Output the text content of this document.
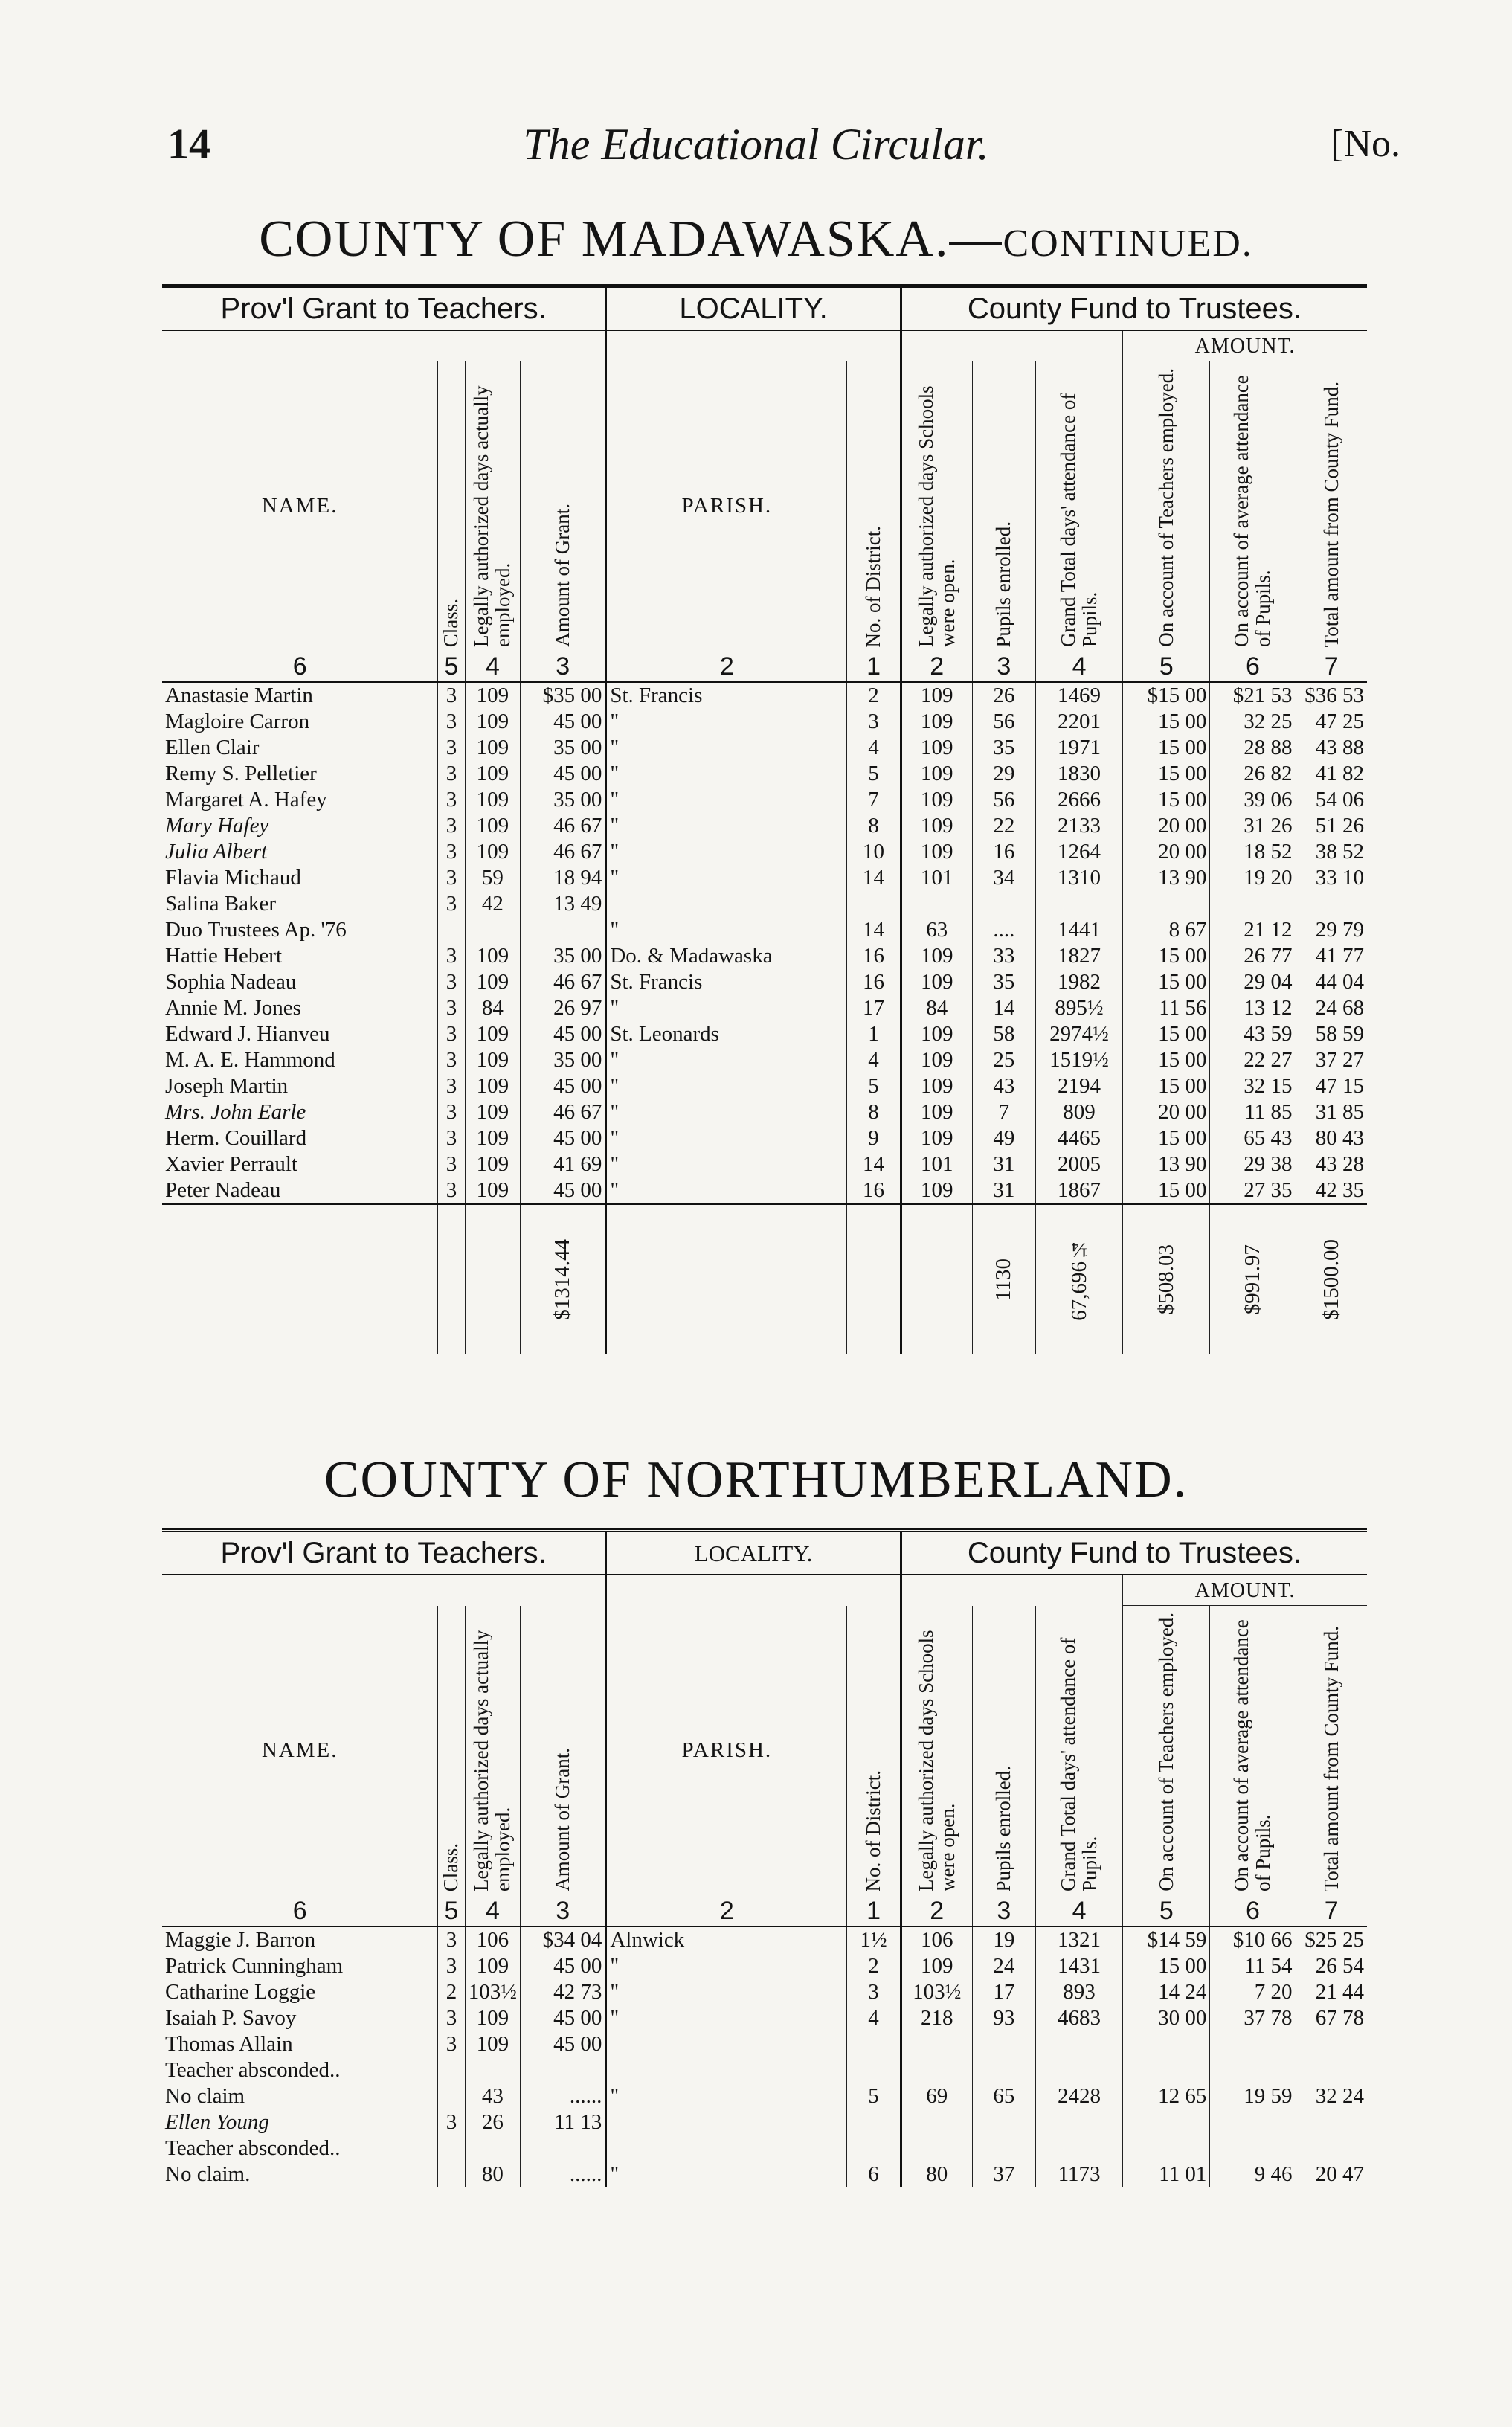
14	The Educational Circular.	[No.
COUNTY OF MADAWASKA.—CONTINUED.
Prov'l Grant to Teachers.				LOCALITY.		County Fund to Trustees.					
									AMOUNT.		
NAME.	Class.	Legally authorized days actually employed.	Amount of Grant.	PARISH.	No. of District.	Legally authorized days Schools were open.	Pupils enrolled.	Grand Total days' attendance of Pupils.	On account of Teachers employed.	On account of average attendance of Pupils.	Total amount from County Fund.

6	5	4	3	2	1	2	3	4	5	6	7
Anastasie Martin	3	109	$35 00	St. Francis	2	109	26	1469	$15 00	$21 53	$36 53
Magloire Carron	3	109	45 00	"	3	109	56	2201	15 00	32 25	47 25
Ellen Clair	3	109	35 00	"	4	109	35	1971	15 00	28 88	43 88
Remy S. Pelletier	3	109	45 00	"	5	109	29	1830	15 00	26 82	41 82
Margaret A. Hafey	3	109	35 00	"	7	109	56	2666	15 00	39 06	54 06
Mary Hafey	3	109	46 67	"	8	109	22	2133	20 00	31 26	51 26
Julia Albert	3	109	46 67	"	10	109	16	1264	20 00	18 52	38 52
Flavia Michaud	3	59	18 94	"	14	101	34	1310	13 90	19 20	33 10
Salina Baker	3	42	13 49								
Duo Trustees Ap. '76				"	14	63	....	1441	8 67	21 12	29 79
Hattie Hebert	3	109	35 00	Do. & Madawaska	16	109	33	1827	15 00	26 77	41 77
Sophia Nadeau	3	109	46 67	St. Francis	16	109	35	1982	15 00	29 04	44 04
Annie M. Jones	3	84	26 97	"	17	84	14	895½	11 56	13 12	24 68
Edward J. Hianveu	3	109	45 00	St. Leonards	1	109	58	2974½	15 00	43 59	58 59
M. A. E. Hammond	3	109	35 00	"	4	109	25	1519½	15 00	22 27	37 27
Joseph Martin	3	109	45 00	"	5	109	43	2194	15 00	32 15	47 15
Mrs. John Earle	3	109	46 67	"	8	109	7	809	20 00	11 85	31 85
Herm. Couillard	3	109	45 00	"	9	109	49	4465	15 00	65 43	80 43
Xavier Perrault	3	109	41 69	"	14	101	31	2005	13 90	29 38	43 28
Peter Nadeau	3	109	45 00	"	16	109	31	1867	15 00	27 35	42 35

			$1314.44				1130	67,696¼	$508.03	$991.97	$1500.00
COUNTY OF NORTHUMBERLAND.
Prov'l Grant to Teachers.				LOCALITY.		County Fund to Trustees.					
									AMOUNT.		
NAME.	Class.	Legally authorized days actually employed.	Amount of Grant.	PARISH.	No. of District.	Legally authorized days Schools were open.	Pupils enrolled.	Grand Total days' attendance of Pupils.	On account of Teachers employed.	On account of average attendance of Pupils.	Total amount from County Fund.

6	5	4	3	2	1	2	3	4	5	6	7
Maggie J. Barron	3	106	$34 04	Alnwick	1½	106	19	1321	$14 59	$10 66	$25 25
Patrick Cunningham	3	109	45 00	"	2	109	24	1431	15 00	11 54	26 54
Catharine Loggie	2	103½	42 73	"	3	103½	17	893	14 24	7 20	21 44
Isaiah P. Savoy	3	109	45 00	"	4	218	93	4683	30 00	37 78	67 78
Thomas Allain	3	109	45 00								
Teacher absconded..											
No claim		43	......	"	5	69	65	2428	12 65	19 59	32 24
Ellen Young	3	26	11 13								
Teacher absconded..											
No claim.		80	......	"	6	80	37	1173	11 01	9 46	20 47
